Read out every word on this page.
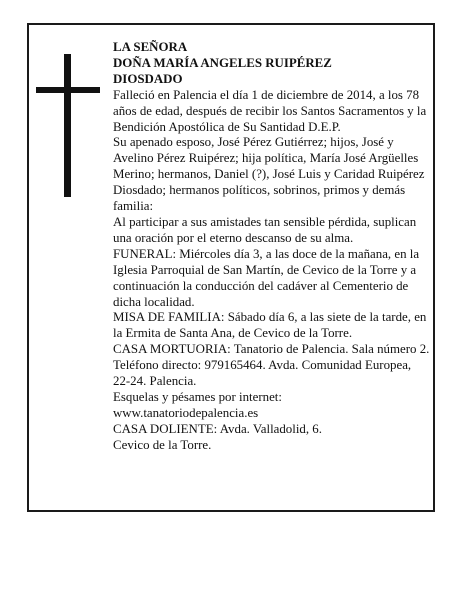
LA SEÑORA

DOÑA MARÍA ANGELES RUIPÉREZ

DIOSDADO

Falleció en Palencia el día 1 de diciembre de 2014, a los 78 años de edad, después de recibir los Santos Sacramentos y la Bendición Apostólica de Su Santidad D.E.P.

Su apenado esposo, José Pérez Gutiérrez; hijos, José y Avelino Pérez Ruipérez; hija política, María José Argüelles Merino; hermanos, Daniel (?), José Luis y Caridad Ruipérez Diosdado; hermanos políticos, sobrinos, primos y demás familia:

Al participar a sus amistades tan sensible pérdida, suplican una oración por el eterno descanso de su alma.

FUNERAL: Miércoles día 3, a las doce de la mañana, en la Iglesia Parroquial de San Martín, de Cevico de la Torre y a continuación la conducción del cadáver al Cementerio de dicha localidad.

MISA DE FAMILIA: Sábado día 6, a las siete de la tarde, en la Ermita de Santa Ana, de Cevico de la Torre.

CASA MORTUORIA: Tanatorio de Palencia. Sala número 2. Teléfono directo: 979165464. Avda. Comunidad Europea, 22-24. Palencia.

Esquelas y pésames por internet:

www.tanatoriodepalencia.es

CASA DOLIENTE: Avda. Valladolid, 6.

Cevico de la Torre.
